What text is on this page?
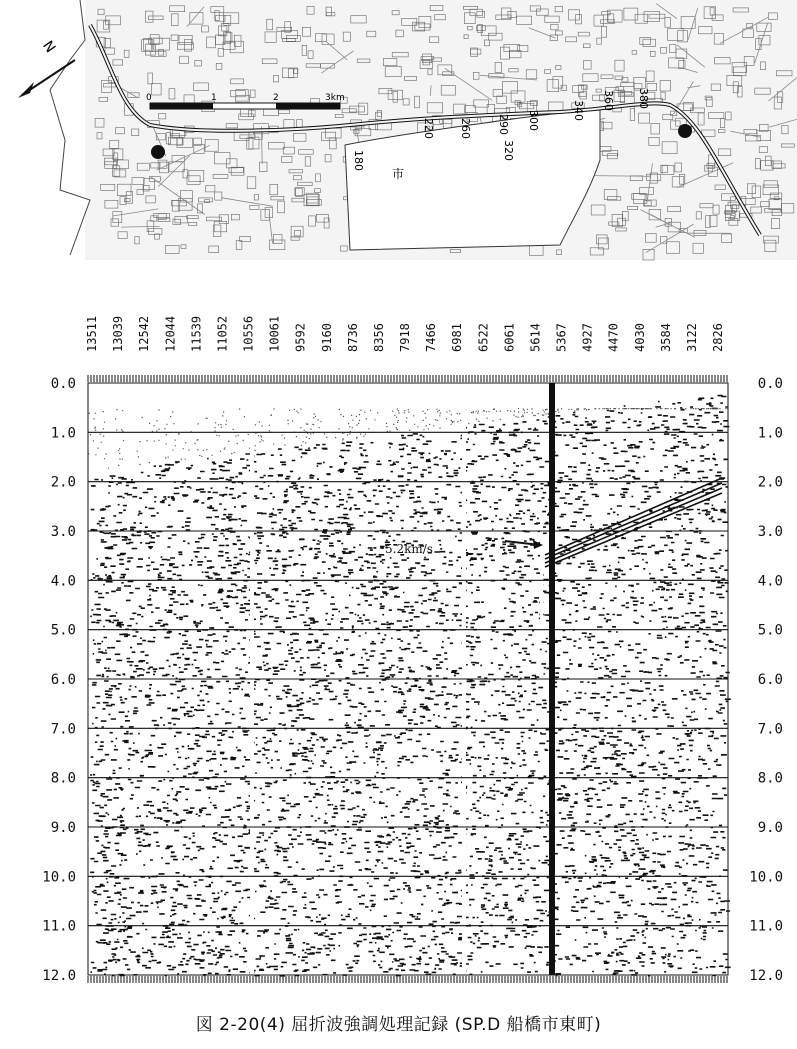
0	1	2	3km
N
180
220 260 290 300
320
340 360 380
市
13511 13039 12542 12044 11539 11052 10556 10061 9592 9160 8736 8356 7918 7466 6981 6522 6061 5614 5367 4927 4470 4030 3584 3122 2826
0.0
1.0
2.0
3.0
4.0
5.0
6.0
7.0
8.0
9.0
10.0
11.0
12.0
0.0
1.0
2.0
3.0
4.0
5.0
6.0
7.0
8.0
9.0
10.0
11.0
12.0
5.2km/s
図 2-20(4) 屈折波強調処理記録 (SP.D 船橋市東町)
